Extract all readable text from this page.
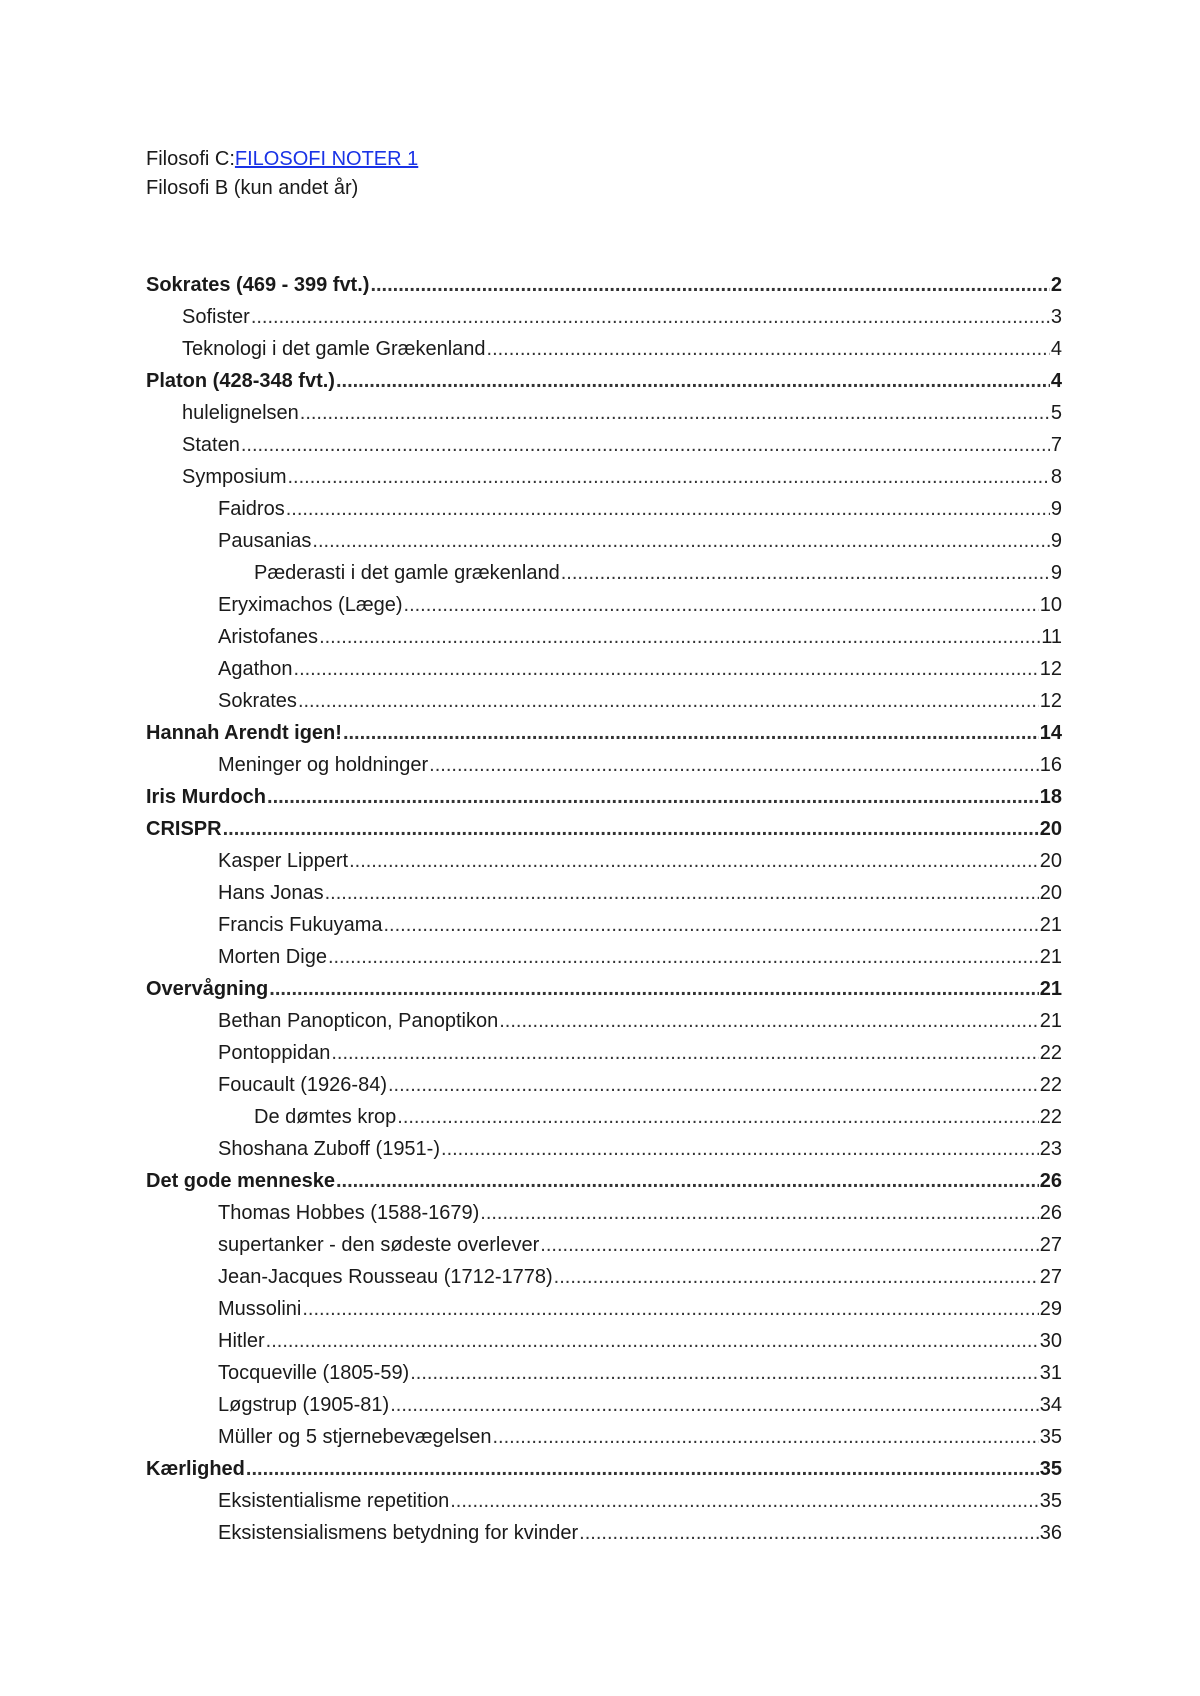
Filosofi C:FILOSOFI NOTER 1
Filosofi B (kun andet år)
Sokrates (469 - 399 fvt.) .....	2
Sofister .....	3
Teknologi i det gamle Grækenland .....	4
Platon (428-348 fvt.) .....	4
hulelignelsen .....	5
Staten .....	7
Symposium .....	8
Faidros .....	9
Pausanias .....	9
Pæderasti i det gamle grækenland .....	9
Eryximachos (Læge) .....	10
Aristofanes .....	11
Agathon .....	12
Sokrates .....	12
Hannah Arendt igen! .....	14
Meninger og holdninger .....	16
Iris Murdoch .....	18
CRISPR .....	20
Kasper Lippert .....	20
Hans Jonas .....	20
Francis Fukuyama .....	21
Morten Dige .....	21
Overvågning .....	21
Bethan Panopticon, Panoptikon .....	21
Pontoppidan .....	22
Foucault (1926-84) .....	22
De dømtes krop .....	22
Shoshana Zuboff (1951-) .....	23
Det gode menneske .....	26
Thomas Hobbes (1588-1679) .....	26
supertanker - den sødeste overlever .....	27
Jean-Jacques Rousseau (1712-1778) .....	27
Mussolini .....	29
Hitler .....	30
Tocqueville (1805-59) .....	31
Løgstrup (1905-81) .....	34
Müller og 5 stjernebevægelsen .....	35
Kærlighed .....	35
Eksistentialisme repetition .....	35
Eksistensialismens betydning for kvinder .....	36
